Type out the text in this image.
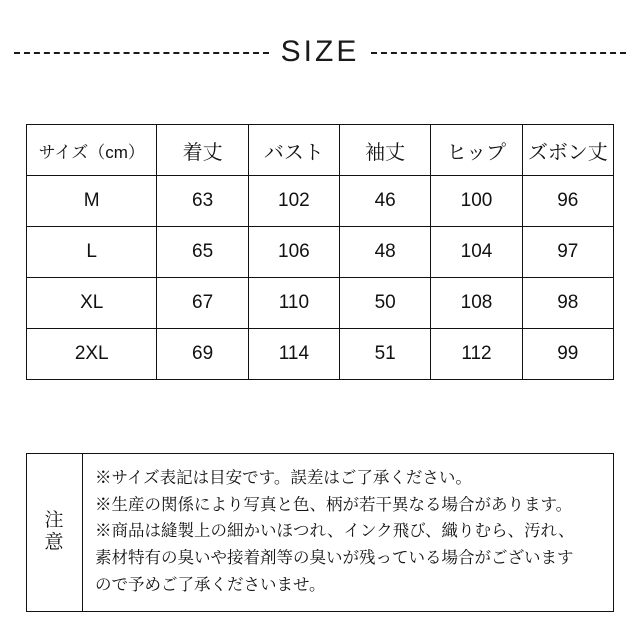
SIZE
サイズ（cm）	着丈	バスト	袖丈	ヒップ	ズボン丈
M	63	102	46	100	96
L	65	106	48	104	97
XL	67	110	50	108	98
2XL	69	114	51	112	99
注意
※サイズ表記は目安です。誤差はご了承ください。
※生産の関係により写真と色、柄が若干異なる場合があります。
※商品は縫製上の細かいほつれ、インク飛び、織りむら、汚れ、
素材特有の臭いや接着剤等の臭いが残っている場合がございます
ので予めご了承くださいませ。
